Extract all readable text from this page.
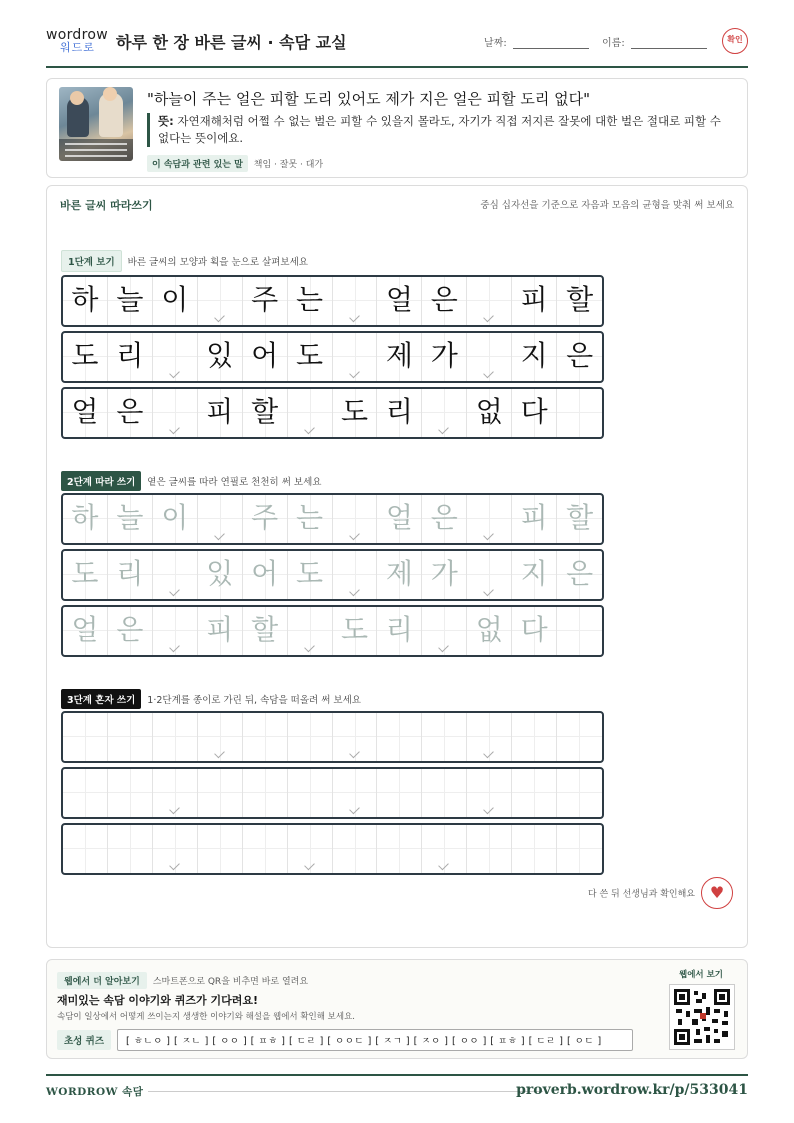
wordrow
워드로	하루 한 장 바른 글씨 · 속담 교실	날짜:	이름:	확인
"하늘이 주는 얼은 피할 도리 있어도 제가 지은 얼은 피할 도리 없다"
뜻: 자연재해처럼 어쩔 수 없는 벌은 피할 수 있을지 몰라도, 자기가 직접 저지른 잘못에 대한 벌은 절대로 피할 수 없다는 뜻이에요.
이 속담과 관련 있는 말 책임 · 잘못 · 대가
바른 글씨 따라쓰기	중심 십자선을 기준으로 자음과 모음의 균형을 맞춰 써 보세요
1단계 보기 바른 글씨의 모양과 획을 눈으로 살펴보세요
하 늘 이	주 는	얼 은	피 할
도 리	있 어 도	제 가	지 은
얼 은	피 할	도 리	없 다
2단계 따라 쓰기 옅은 글씨를 따라 연필로 천천히 써 보세요
하 늘 이	주 는	얼 은	피 할
도 리	있 어 도	제 가	지 은
얼 은	피 할	도 리	없 다
3단계 혼자 쓰기 1·2단계를 종이로 가린 뒤, 속담을 떠올려 써 보세요
다 쓴 뒤 선생님과 확인해요♥
웹에서 더 알아보기 스마트폰으로 QR을 비추면 바로 열려요
재미있는 속담 이야기와 퀴즈가 기다려요!
속담이 일상에서 어떻게 쓰이는지 생생한 이야기와 해설을 웹에서 확인해 보세요.
초성 퀴즈 [ ㅎㄴㅇ ] [ ㅈㄴ ] [ ㅇㅇ ] [ ㅍㅎ ] [ ㄷㄹ ] [ ㅇㅇㄷ ] [ ㅈㄱ ] [ ㅈㅇ ] [ ㅇㅇ ] [ ㅍㅎ ] [ ㄷㄹ ] [ ㅇㄷ ]
웹에서 보기
WORDROW 속담	proverb.wordrow.kr/p/533041
